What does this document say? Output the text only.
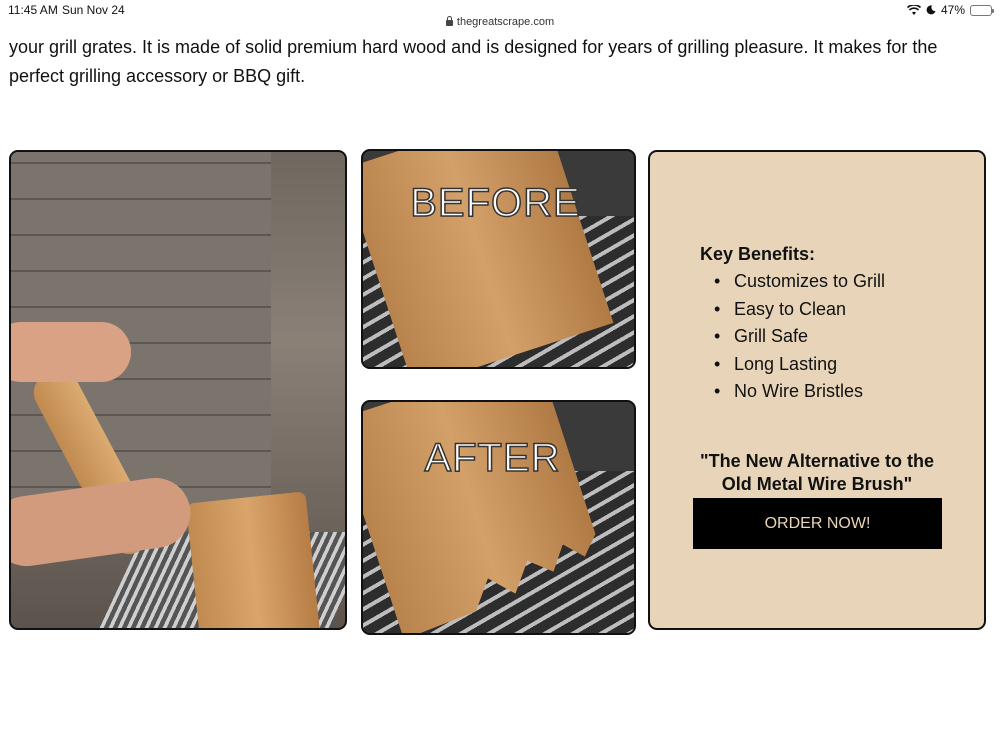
11:45 AM Sun Nov 24	47%
thegreatscrape.com

your grill grates. It is made of solid premium hard wood and is designed for years of grilling pleasure. It makes for the perfect grilling accessory or BBQ gift.

BEFORE
AFTER
Key Benefits:
• Customizes to Grill
• Easy to Clean
• Grill Safe
• Long Lasting
• No Wire Bristles
"The New Alternative to the
Old Metal Wire Brush"
ORDER NOW!
